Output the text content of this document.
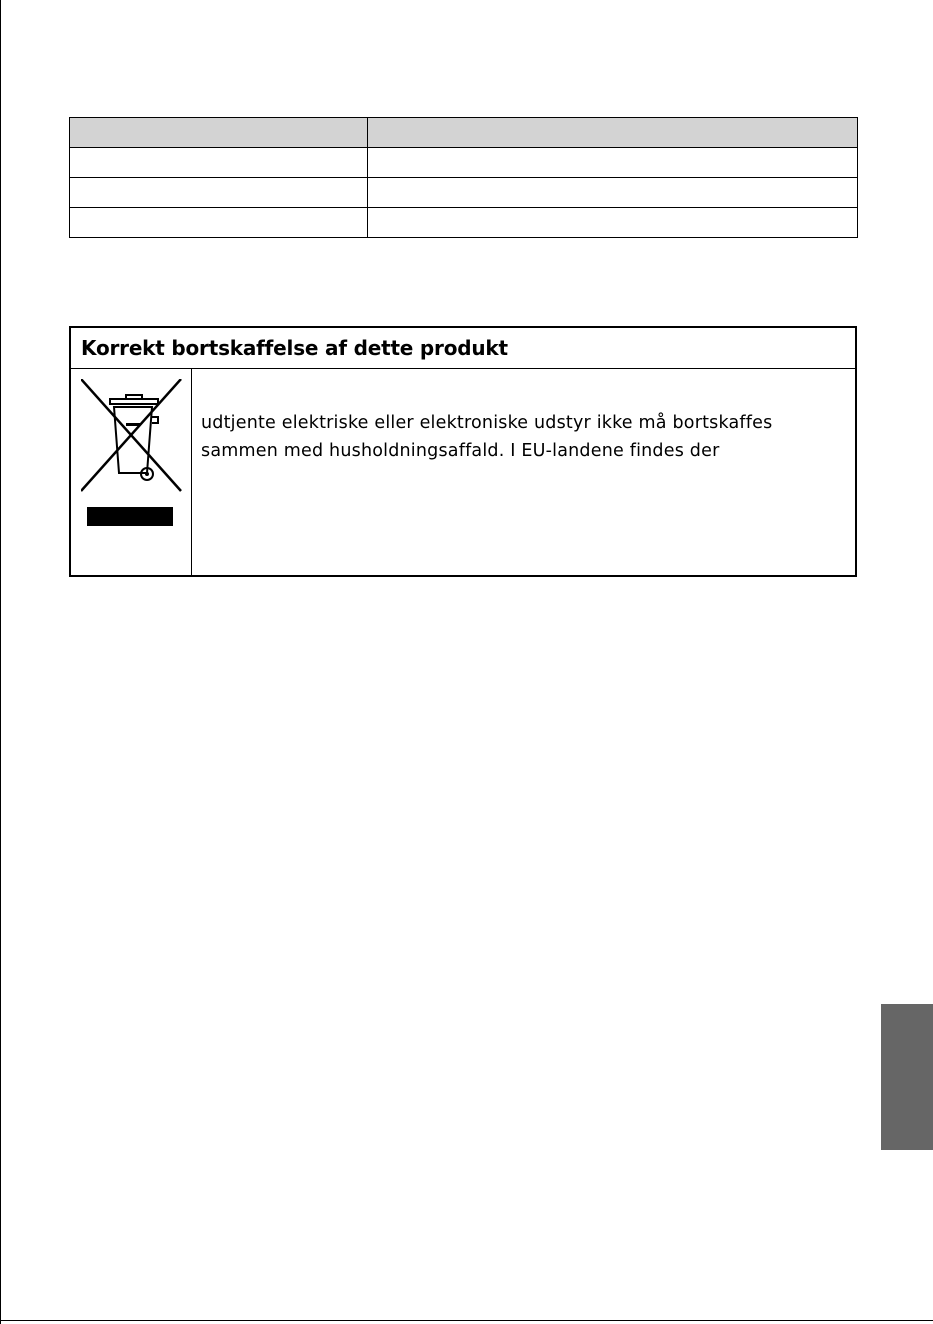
Korrekt bortskaffelse af dette produkt

udtjente elektriske eller elektroniske udstyr ikke må bortskaffes

sammen med husholdningsaffald. I EU-landene findes der
